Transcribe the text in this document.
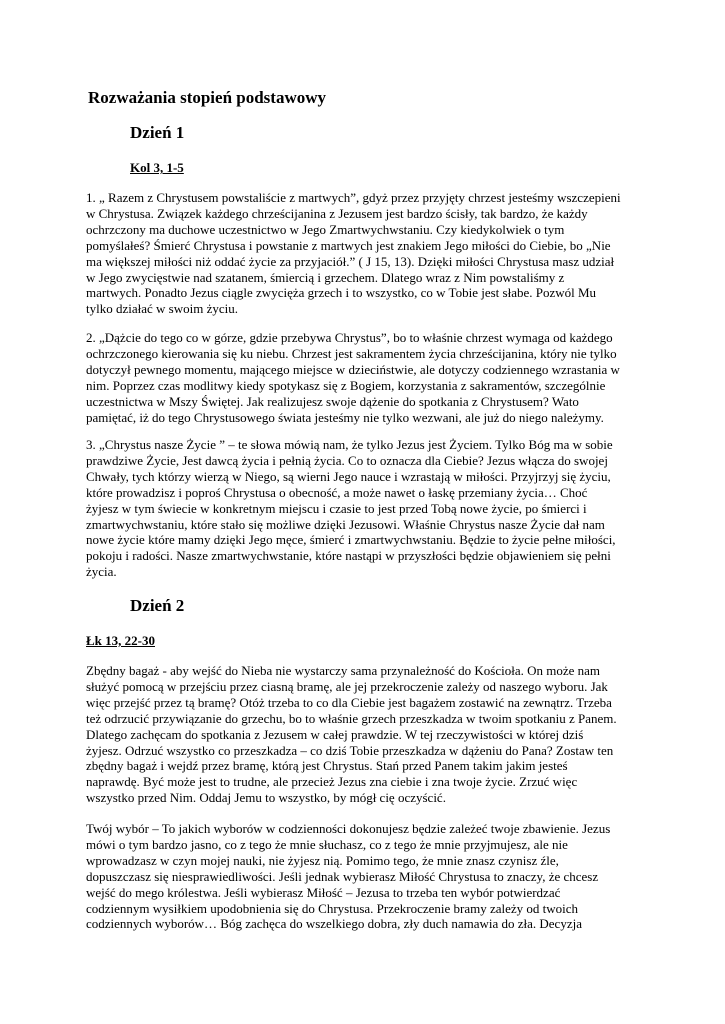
Rozważania stopień podstawowy
Dzień 1

Kol 3, 1-5

1. „ Razem z Chrystusem powstaliście z martwych”, gdyż przez przyjęty chrzest jesteśmy wszczepieni
w Chrystusa. Związek każdego chrześcijanina z Jezusem jest bardzo ścisły, tak bardzo, że każdy
ochrzczony ma duchowe uczestnictwo w Jego Zmartwychwstaniu. Czy kiedykolwiek o tym
pomyślałeś? Śmierć Chrystusa i powstanie z martwych jest znakiem Jego miłości do Ciebie, bo „Nie
ma większej miłości niż oddać życie za przyjaciół.” ( J 15, 13). Dzięki miłości Chrystusa masz udział
w Jego zwycięstwie nad szatanem, śmiercią i grzechem. Dlatego wraz z Nim powstaliśmy z
martwych. Ponadto Jezus ciągle zwycięża grzech i to wszystko, co w Tobie jest słabe. Pozwól Mu
tylko działać w swoim życiu.
2. „Dążcie do tego co w górze, gdzie przebywa Chrystus”, bo to właśnie chrzest wymaga od każdego
ochrzczonego kierowania się ku niebu. Chrzest jest sakramentem życia chrześcijanina, który nie tylko
dotyczył pewnego momentu, mającego miejsce w dzieciństwie, ale dotyczy codziennego wzrastania w
nim. Poprzez czas modlitwy kiedy spotykasz się z Bogiem, korzystania z sakramentów, szczególnie
uczestnictwa w Mszy Świętej. Jak realizujesz swoje dążenie do spotkania z Chrystusem? Wato
pamiętać, iż do tego Chrystusowego świata jesteśmy nie tylko wezwani, ale już do niego należymy.
3. „Chrystus nasze Życie ” – te słowa mówią nam, że tylko Jezus jest Życiem. Tylko Bóg ma w sobie
prawdziwe Życie, Jest dawcą życia i pełnią życia. Co to oznacza dla Ciebie? Jezus włącza do swojej
Chwały, tych którzy wierzą w Niego, są wierni Jego nauce i wzrastają w miłości. Przyjrzyj się życiu,
które prowadzisz i poproś Chrystusa o obecność, a może nawet o łaskę przemiany życia… Choć
żyjesz w tym świecie w konkretnym miejscu i czasie to jest przed Tobą nowe życie, po śmierci i
zmartwychwstaniu, które stało się możliwe dzięki Jezusowi. Właśnie Chrystus nasze Życie dał nam
nowe życie które mamy dzięki Jego męce, śmierć i zmartwychwstaniu. Będzie to życie pełne miłości,
pokoju i radości. Nasze zmartwychwstanie, które nastąpi w przyszłości będzie objawieniem się pełni
życia.
Dzień 2

Łk 13, 22-30

Zbędny bagaż - aby wejść do Nieba nie wystarczy sama przynależność do Kościoła. On może nam
służyć pomocą w przejściu przez ciasną bramę, ale jej przekroczenie zależy od naszego wyboru. Jak
więc przejść przez tą bramę? Otóż trzeba to co dla Ciebie jest bagażem zostawić na zewnątrz. Trzeba
też odrzucić przywiązanie do grzechu, bo to właśnie grzech przeszkadza w twoim spotkaniu z Panem.
Dlatego zachęcam do spotkania z Jezusem w całej prawdzie. W tej rzeczywistości w której dziś
żyjesz. Odrzuć wszystko co przeszkadza – co dziś Tobie przeszkadza w dążeniu do Pana? Zostaw ten
zbędny bagaż i wejdź przez bramę, którą jest Chrystus. Stań przed Panem takim jakim jesteś
naprawdę. Być może jest to trudne, ale przecież Jezus zna ciebie i zna twoje życie. Zrzuć więc
wszystko przed Nim. Oddaj Jemu to wszystko, by mógł cię oczyścić.
Twój wybór – To jakich wyborów w codzienności dokonujesz będzie zależeć twoje zbawienie. Jezus
mówi o tym bardzo jasno, co z tego że mnie słuchasz, co z tego że mnie przyjmujesz, ale nie
wprowadzasz w czyn mojej nauki, nie żyjesz nią. Pomimo tego, że mnie znasz czynisz źle,
dopuszczasz się niesprawiedliwości. Jeśli jednak wybierasz Miłość Chrystusa to znaczy, że chcesz
wejść do mego królestwa. Jeśli wybierasz Miłość – Jezusa to trzeba ten wybór potwierdzać
codziennym wysiłkiem upodobnienia się do Chrystusa. Przekroczenie bramy zależy od twoich
codziennych wyborów… Bóg zachęca do wszelkiego dobra, zły duch namawia do zła. Decyzja
